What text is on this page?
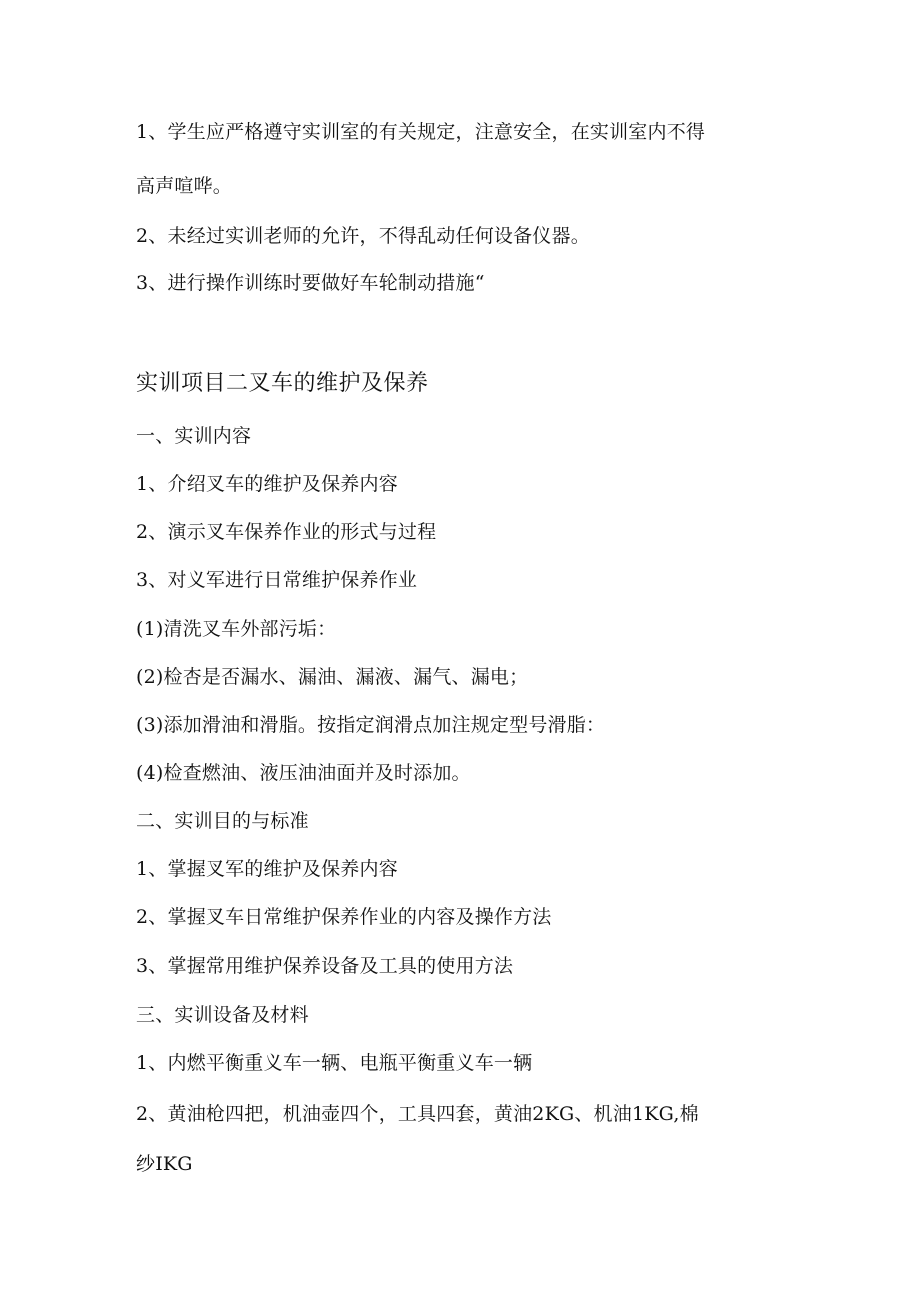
1、学生应严格遵守实训室的有关规定，注意安全，在实训室内不得
高声喧哗。
2、未经过实训老师的允许，不得乱动任何设备仪器。
3、进行操作训练时要做好车轮制动措施“
实训项目二叉车的维护及保养
一、实训内容
1、介绍叉车的维护及保养内容
2、演示叉车保养作业的形式与过程
3、对义军进行日常维护保养作业
(1)清洗叉车外部污垢：
(2)检杏是否漏水、漏油、漏液、漏气、漏电；
(3)添加滑油和滑脂。按指定润滑点加注规定型号滑脂：
(4)检查燃油、液压油油面并及时添加。
二、实训目的与标准
1、掌握叉军的维护及保养内容
2、掌握叉车日常维护保养作业的内容及操作方法
3、掌握常用维护保养设备及工具的使用方法
三、实训设备及材料
1、内燃平衡重义车一辆、电瓶平衡重义车一辆
2、黄油枪四把，机油壶四个，工具四套，黄油2KG、机油1KG,棉
纱IKG
